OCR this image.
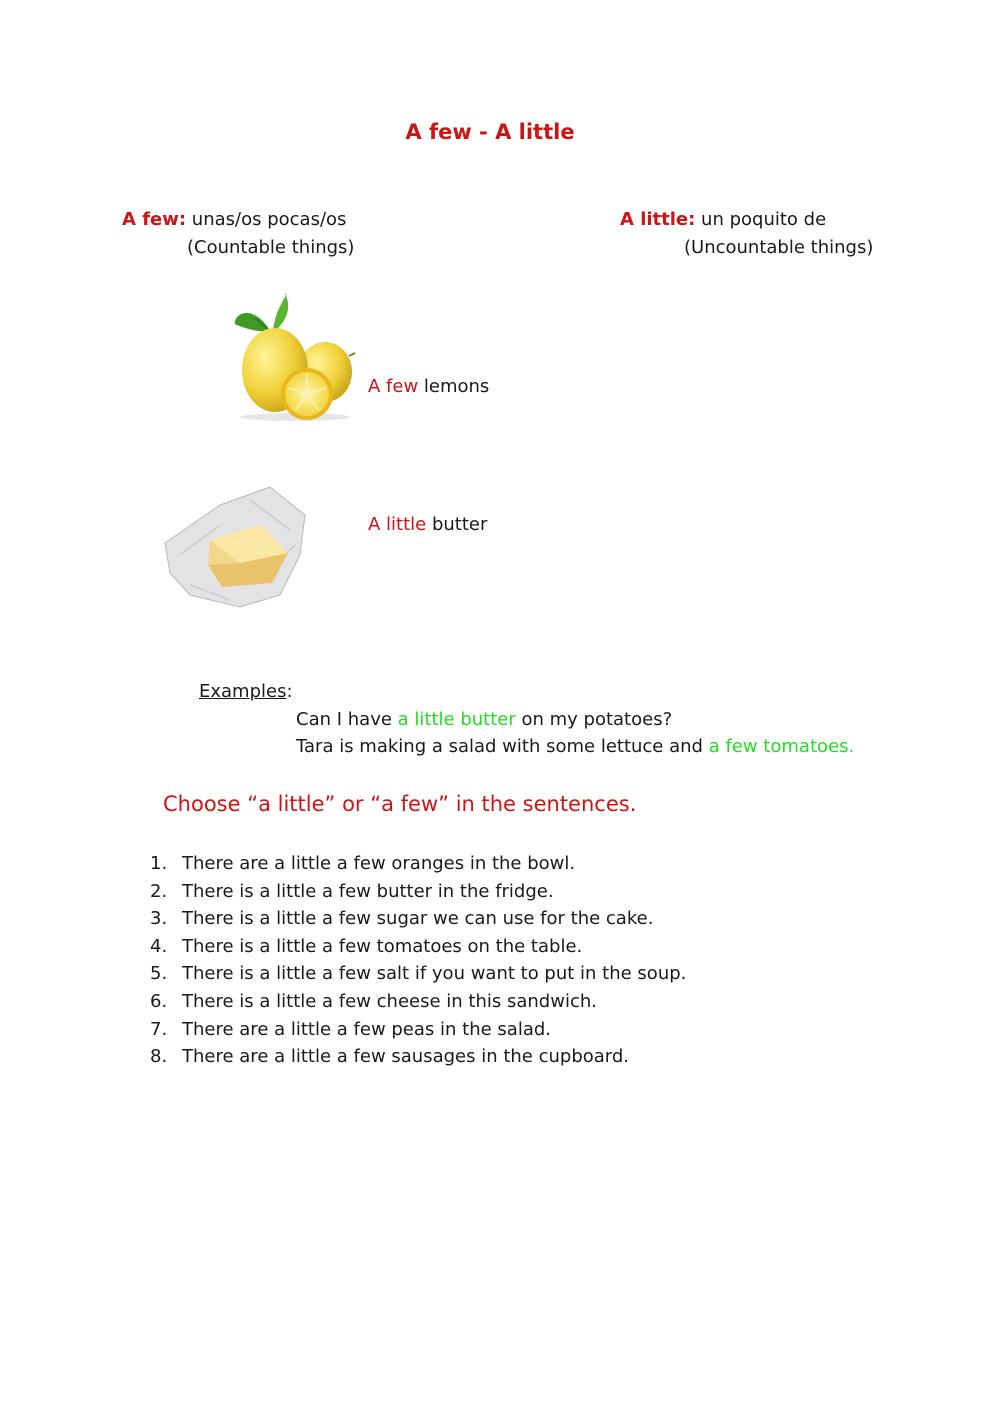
A few - A little
A few: unas/os pocas/os
(Countable things)
A little: un poquito de
(Uncountable things)
A few lemons
A little butter
Examples:
Can I have a little butter on my potatoes?
Tara is making a salad with some lettuce and a few tomatoes.
Choose “a little” or “a few” in the sentences.
1. There are a little a few oranges in the bowl.
2. There is a little a few butter in the fridge.
3. There is a little a few sugar we can use for the cake.
4. There is a little a few tomatoes on the table.
5. There is a little a few salt if you want to put in the soup.
6. There is a little a few cheese in this sandwich.
7. There are a little a few peas in the salad.
8. There are a little a few sausages in the cupboard.
